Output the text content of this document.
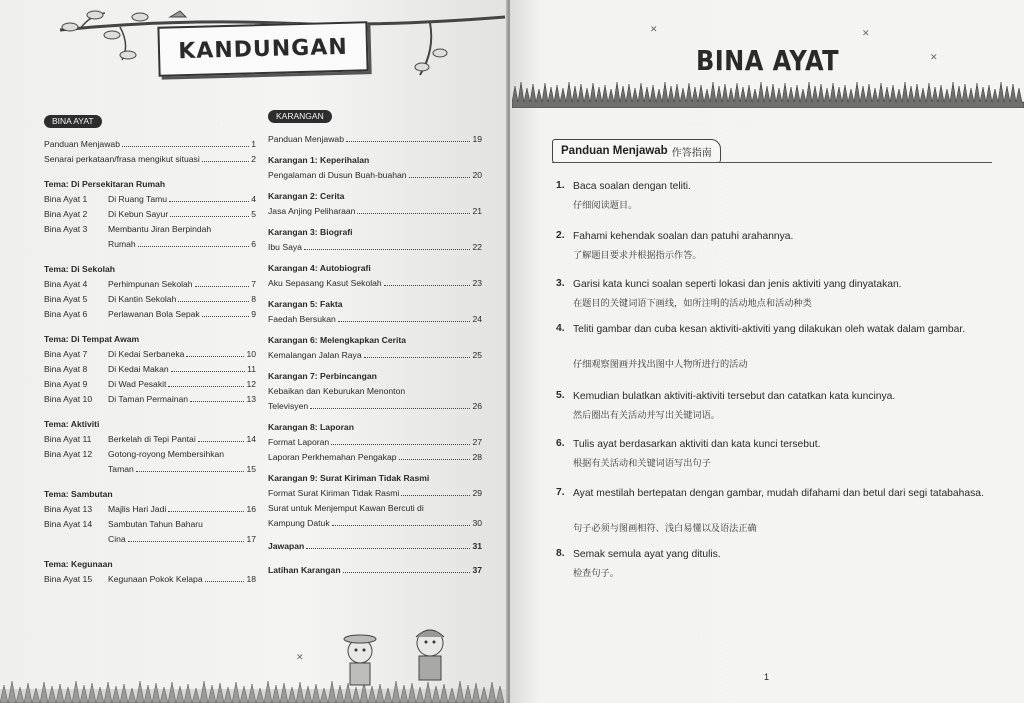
KANDUNGAN
BINA AYAT
Panduan Menjawab	1
Senarai perkataan/frasa mengikut situasi	2
Tema: Di Persekitaran Rumah
Bina Ayat 1	Di Ruang Tamu	4
Bina Ayat 2	Di Kebun Sayur	5
Bina Ayat 3	Membantu Jiran Berpindah
Rumah	6
Tema: Di Sekolah
Bina Ayat 4	Perhimpunan Sekolah	7
Bina Ayat 5	Di Kantin Sekolah	8
Bina Ayat 6	Perlawanan Bola Sepak	9
Tema: Di Tempat Awam
Bina Ayat 7	Di Kedai Serbaneka	10
Bina Ayat 8	Di Kedai Makan	11
Bina Ayat 9	Di Wad Pesakit	12
Bina Ayat 10	Di Taman Permainan	13
Tema: Aktiviti
Bina Ayat 11	Berkelah di Tepi Pantai	14
Bina Ayat 12	Gotong-royong Membersihkan
Taman	15
Tema: Sambutan
Bina Ayat 13	Majlis Hari Jadi	16
Bina Ayat 14	Sambutan Tahun Baharu
Cina	17
Tema: Kegunaan
Bina Ayat 15	Kegunaan Pokok Kelapa	18
KARANGAN
Panduan Menjawab	19
Karangan 1: Keperihalan
Pengalaman di Dusun Buah-buahan	20
Karangan 2: Cerita
Jasa Anjing Peliharaan	21
Karangan 3: Biografi
Ibu Saya	22
Karangan 4: Autobiografi
Aku Sepasang Kasut Sekolah	23
Karangan 5: Fakta
Faedah Bersukan	24
Karangan 6: Melengkapkan Cerita
Kemalangan Jalan Raya	25
Karangan 7: Perbincangan
Kebaikan dan Keburukan Menonton
Televisyen	26
Karangan 8: Laporan
Format Laporan	27
Laporan Perkhemahan Pengakap	28
Karangan 9: Surat Kiriman Tidak Rasmi
Format Surat Kiriman Tidak Rasmi	29
Surat untuk Menjemput Kawan Bercuti di
Kampung Datuk	30
Jawapan	31
Latihan Karangan	37
✕
✕	✕
✕
BINA AYAT
Panduan Menjawab 作答指南
1. Baca soalan dengan teliti.
仔细阅读题目。
2. Fahami kehendak soalan dan patuhi arahannya.
了解题目要求并根据指示作答。
3. Garisi kata kunci soalan seperti lokasi dan jenis aktiviti yang dinyatakan.
在题目的关键词语下画线，如所注明的活动地点和活动种类
4. Teliti gambar dan cuba kesan aktiviti-aktiviti yang dilakukan oleh watak dalam gambar.
仔细观察图画并找出图中人物所进行的活动
5. Kemudian bulatkan aktiviti-aktiviti tersebut dan catatkan kata kuncinya.
然后圈出有关活动并写出关键词语。
6. Tulis ayat berdasarkan aktiviti dan kata kunci tersebut.
根据有关活动和关键词语写出句子
7. Ayat mestilah bertepatan dengan gambar, mudah difahami dan betul dari segi tatabahasa.
句子必须与图画相符、浅白易懂以及语法正确
8. Semak semula ayat yang ditulis.
检查句子。
1
